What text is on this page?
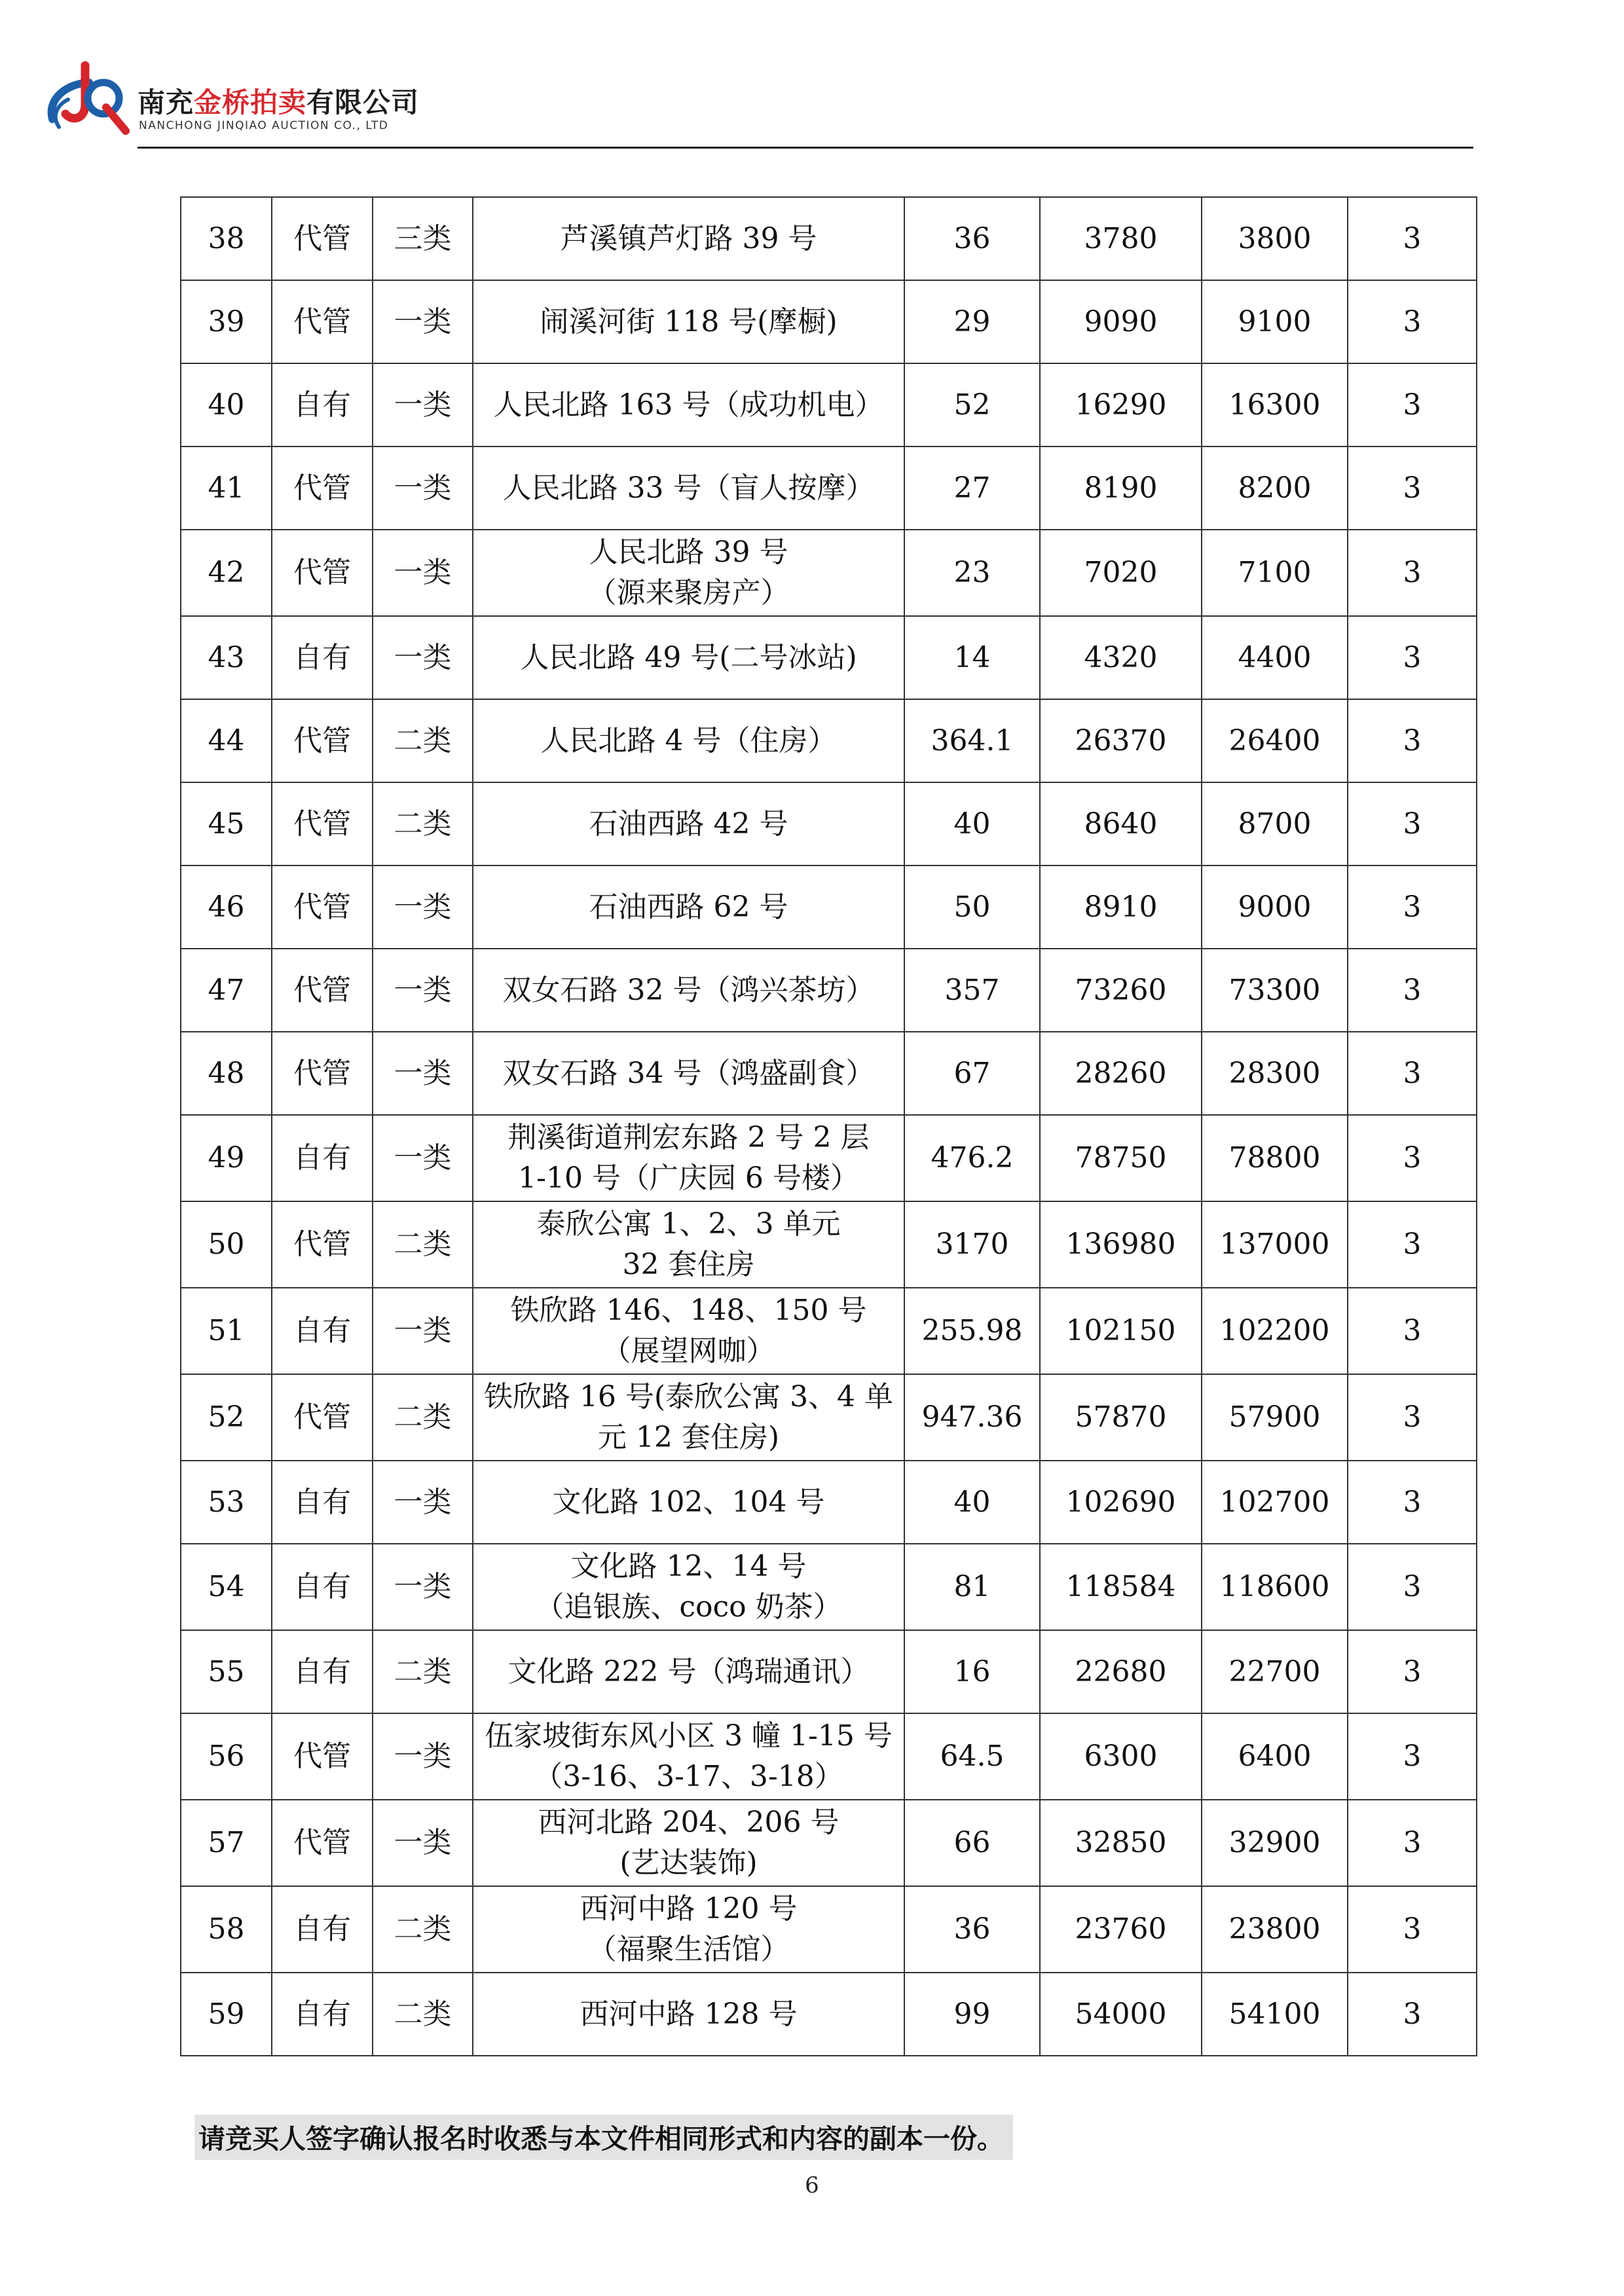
南充金桥拍卖有限公司
NANCHONG JINQIAO AUCTION CO., LTD
38	代管	三类	芦溪镇芦灯路 39 号	36	3780	3800	3
39	代管	一类	闹溪河街 118 号(摩橱)	29	9090	9100	3
40	自有	一类	人民北路 163 号（成功机电）	52	16290	16300	3
41	代管	一类	人民北路 33 号（盲人按摩）	27	8190	8200	3
42	代管	一类	人民北路 39 号
（源来聚房产）	23	7020	7100	3
43	自有	一类	人民北路 49 号(二号冰站)	14	4320	4400	3
44	代管	二类	人民北路 4 号（住房）	364.1	26370	26400	3
45	代管	二类	石油西路 42 号	40	8640	8700	3
46	代管	一类	石油西路 62 号	50	8910	9000	3
47	代管	一类	双女石路 32 号（鸿兴茶坊）	357	73260	73300	3
48	代管	一类	双女石路 34 号（鸿盛副食）	67	28260	28300	3
49	自有	一类	荆溪街道荆宏东路 2 号 2 层
1-10 号（广庆园 6 号楼）	476.2	78750	78800	3
50	代管	二类	泰欣公寓 1、2、3 单元
32 套住房	3170	136980	137000	3
51	自有	一类	铁欣路 146、148、150 号
（展望网咖）	255.98	102150	102200	3
52	代管	二类	铁欣路 16 号(泰欣公寓 3、4 单
元 12 套住房)	947.36	57870	57900	3
53	自有	一类	文化路 102、104 号	40	102690	102700	3
54	自有	一类	文化路 12、14 号
（追银族、coco 奶茶）	81	118584	118600	3
55	自有	二类	文化路 222 号（鸿瑞通讯）	16	22680	22700	3
56	代管	一类	伍家坡街东风小区 3 幢 1-15 号
（3-16、3-17、3-18）	64.5	6300	6400	3
57	代管	一类	西河北路 204、206 号
(艺达装饰)	66	32850	32900	3
58	自有	二类	西河中路 120 号
（福聚生活馆）	36	23760	23800	3
59	自有	二类	西河中路 128 号	99	54000	54100	3
请竞买人签字确认报名时收悉与本文件相同形式和内容的副本一份。
6
